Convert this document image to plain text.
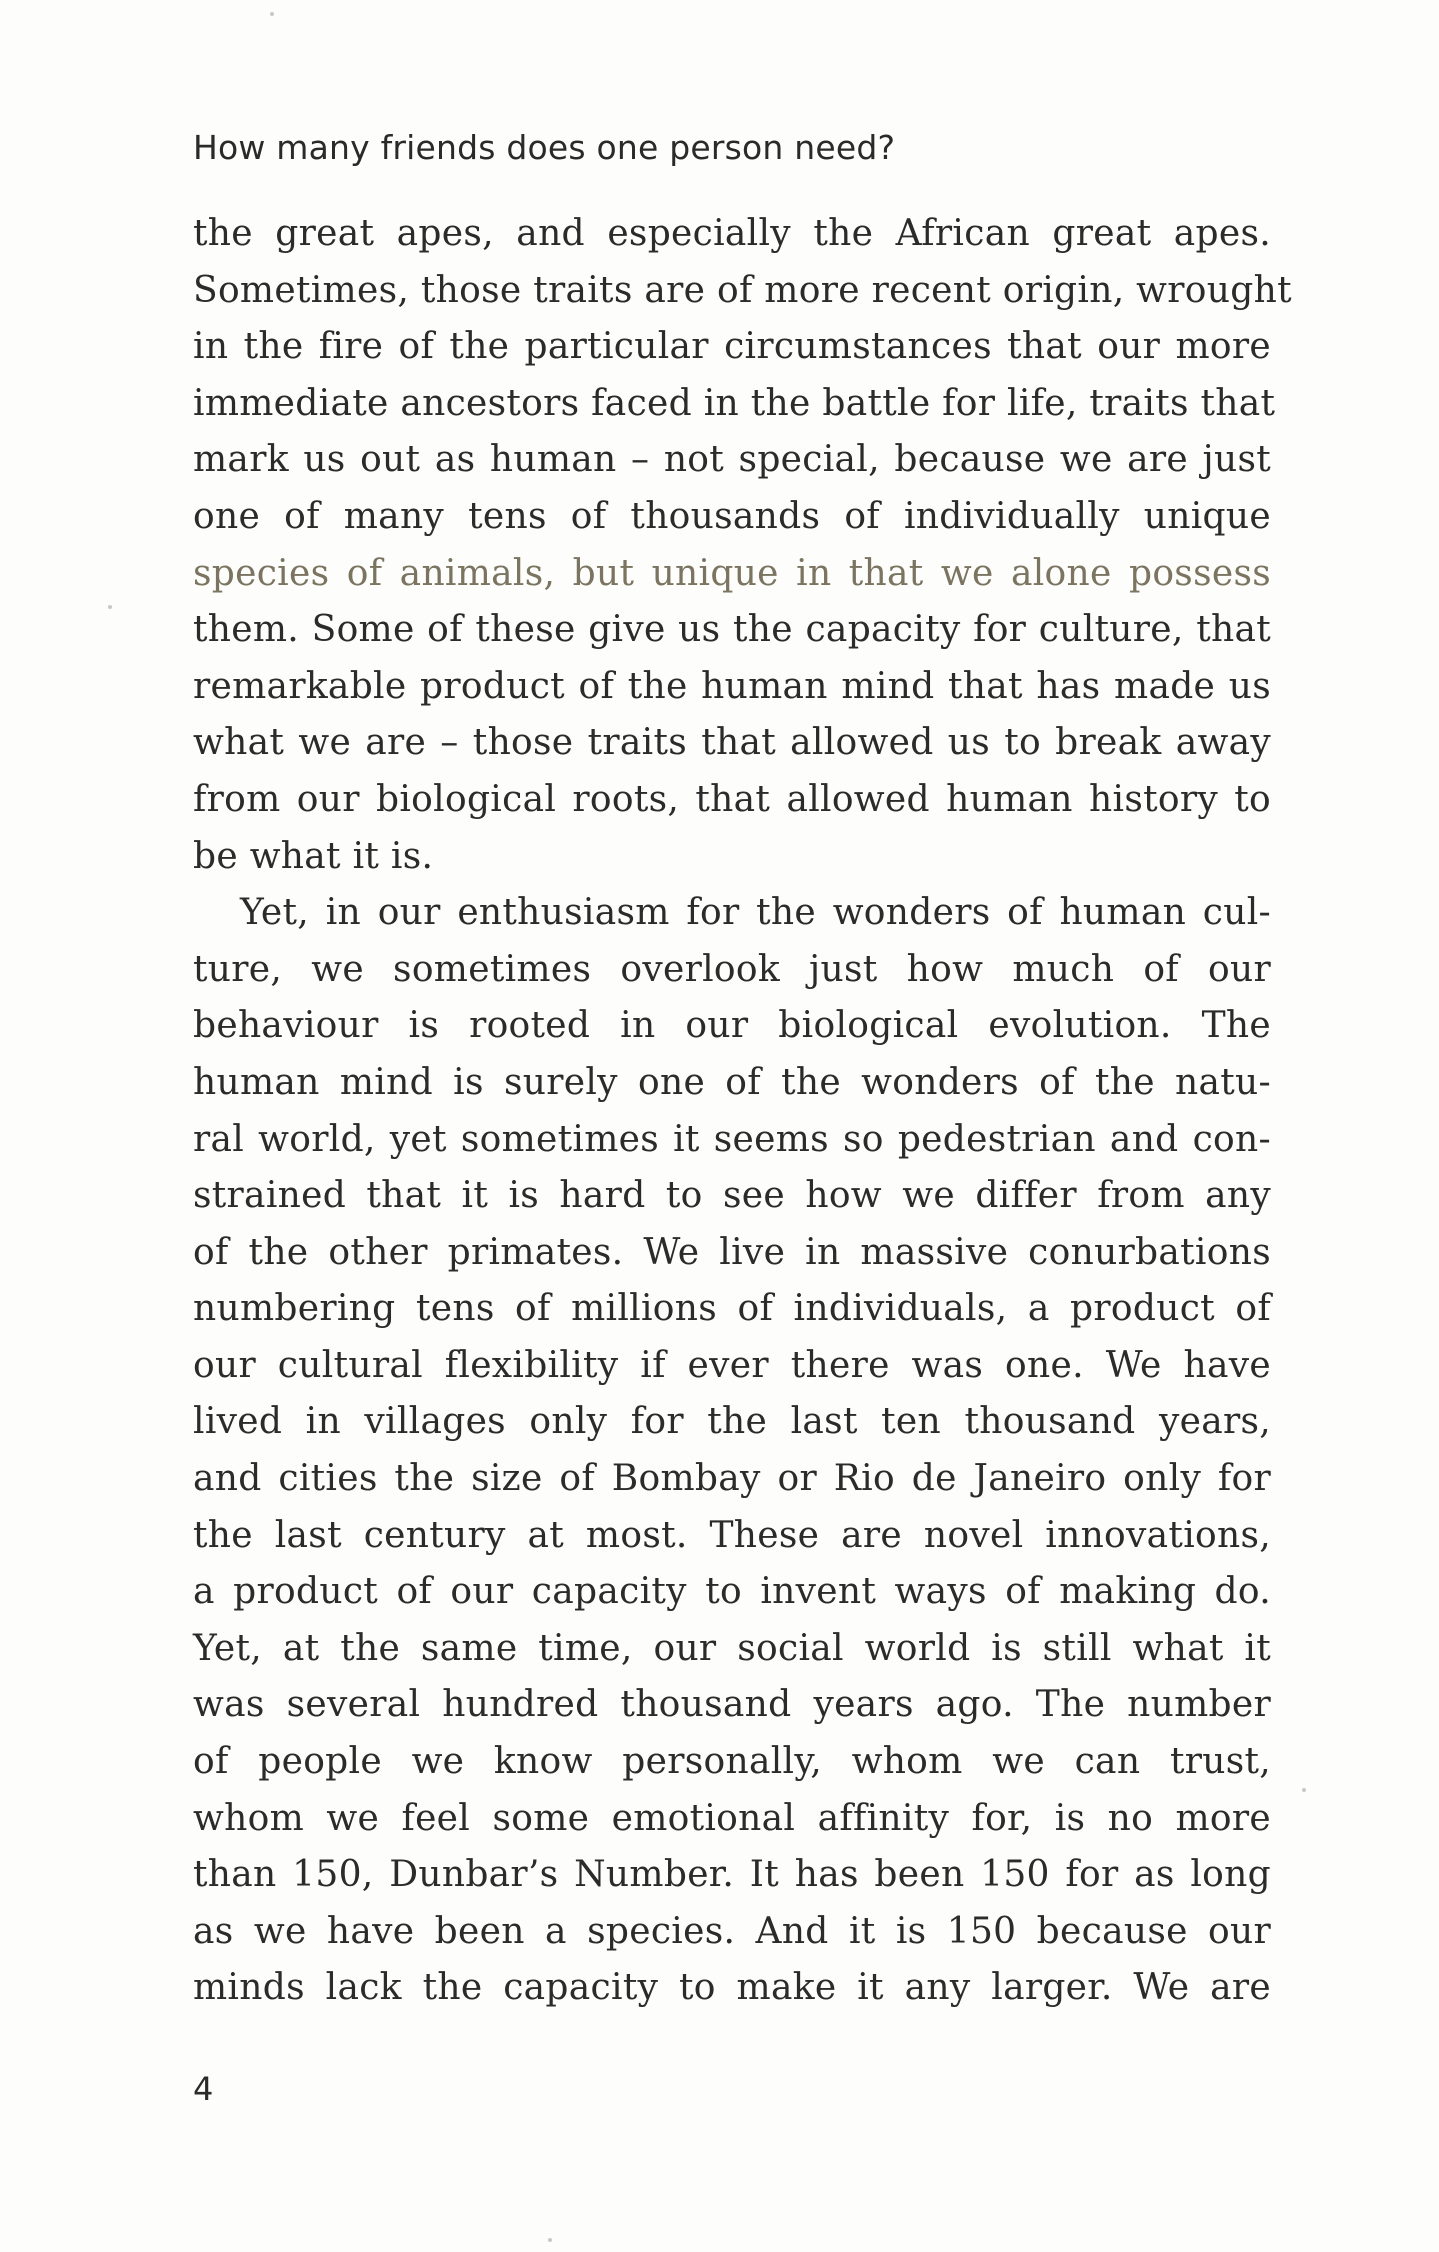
How many friends does one person need?
the great apes, and especially the African great apes.
Sometimes, those traits are of more recent origin, wrought
in the fire of the particular circumstances that our more
immediate ancestors faced in the battle for life, traits that
mark us out as human – not special, because we are just
one of many tens of thousands of individually unique
species of animals, but unique in that we alone possess
them. Some of these give us the capacity for culture, that
remarkable product of the human mind that has made us
what we are – those traits that allowed us to break away
from our biological roots, that allowed human history to
be what it is.
Yet, in our enthusiasm for the wonders of human cul-
ture, we sometimes overlook just how much of our
behaviour is rooted in our biological evolution. The
human mind is surely one of the wonders of the natu-
ral world, yet sometimes it seems so pedestrian and con-
strained that it is hard to see how we differ from any
of the other primates. We live in massive conurbations
numbering tens of millions of individuals, a product of
our cultural flexibility if ever there was one. We have
lived in villages only for the last ten thousand years,
and cities the size of Bombay or Rio de Janeiro only for
the last century at most. These are novel innovations,
a product of our capacity to invent ways of making do.
Yet, at the same time, our social world is still what it
was several hundred thousand years ago. The number
of people we know personally, whom we can trust,
whom we feel some emotional affinity for, is no more
than 150, Dunbar’s Number. It has been 150 for as long
as we have been a species. And it is 150 because our
minds lack the capacity to make it any larger. We are
4
